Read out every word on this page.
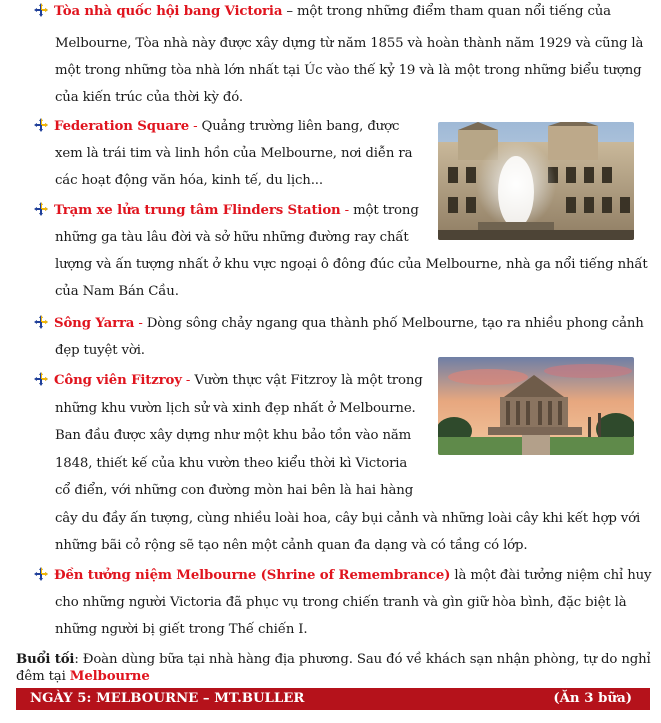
Tòa nhà quốc hội bang Victoria – một trong những điểm tham quan nổi tiếng của
Melbourne, Tòa nhà này được xây dựng từ năm 1855 và hoàn thành năm 1929 và cũng là
một trong những tòa nhà lớn nhất tại Úc vào thế kỷ 19 và là một trong những biểu tượng
của kiến trúc của thời kỳ đó.
Federation Square - Quảng trường liên bang, được
xem là trái tim và linh hồn của Melbourne, nơi diễn ra
các hoạt động văn hóa, kinh tế, du lịch...
Trạm xe lửa trung tâm Flinders Station - một trong
những ga tàu lâu đời và sở hữu những đường ray chất
lượng và ấn tượng nhất ở khu vực ngoại ô đông đúc của Melbourne, nhà ga nổi tiếng nhất
của Nam Bán Cầu.
Sông Yarra - Dòng sông chảy ngang qua thành phố Melbourne, tạo ra nhiều phong cảnh
đẹp tuyệt vời.
Công viên Fitzroy - Vườn thực vật Fitzroy là một trong
những khu vườn lịch sử và xinh đẹp nhất ở Melbourne.
Ban đầu được xây dựng như một khu bảo tồn vào năm
1848, thiết kế của khu vườn theo kiểu thời kì Victoria
cổ điển, với những con đường mòn hai bên là hai hàng
cây du đầy ấn tượng, cùng nhiều loài hoa, cây bụi cảnh và những loài cây khi kết hợp với
những bãi cỏ rộng sẽ tạo nên một cảnh quan đa dạng và có tầng có lớp.
Đền tưởng niệm Melbourne (Shrine of Remembrance) là một đài tưởng niệm chỉ huy
cho những người Victoria đã phục vụ trong chiến tranh và gìn giữ hòa bình, đặc biệt là
những người bị giết trong Thế chiến I.
Buổi tối: Đoàn dùng bữa tại nhà hàng địa phương. Sau đó về khách sạn nhận phòng, tự do nghỉ
đêm tại Melbourne
NGÀY 5: MELBOURNE – MT.BULLER	(Ăn 3 bữa)
